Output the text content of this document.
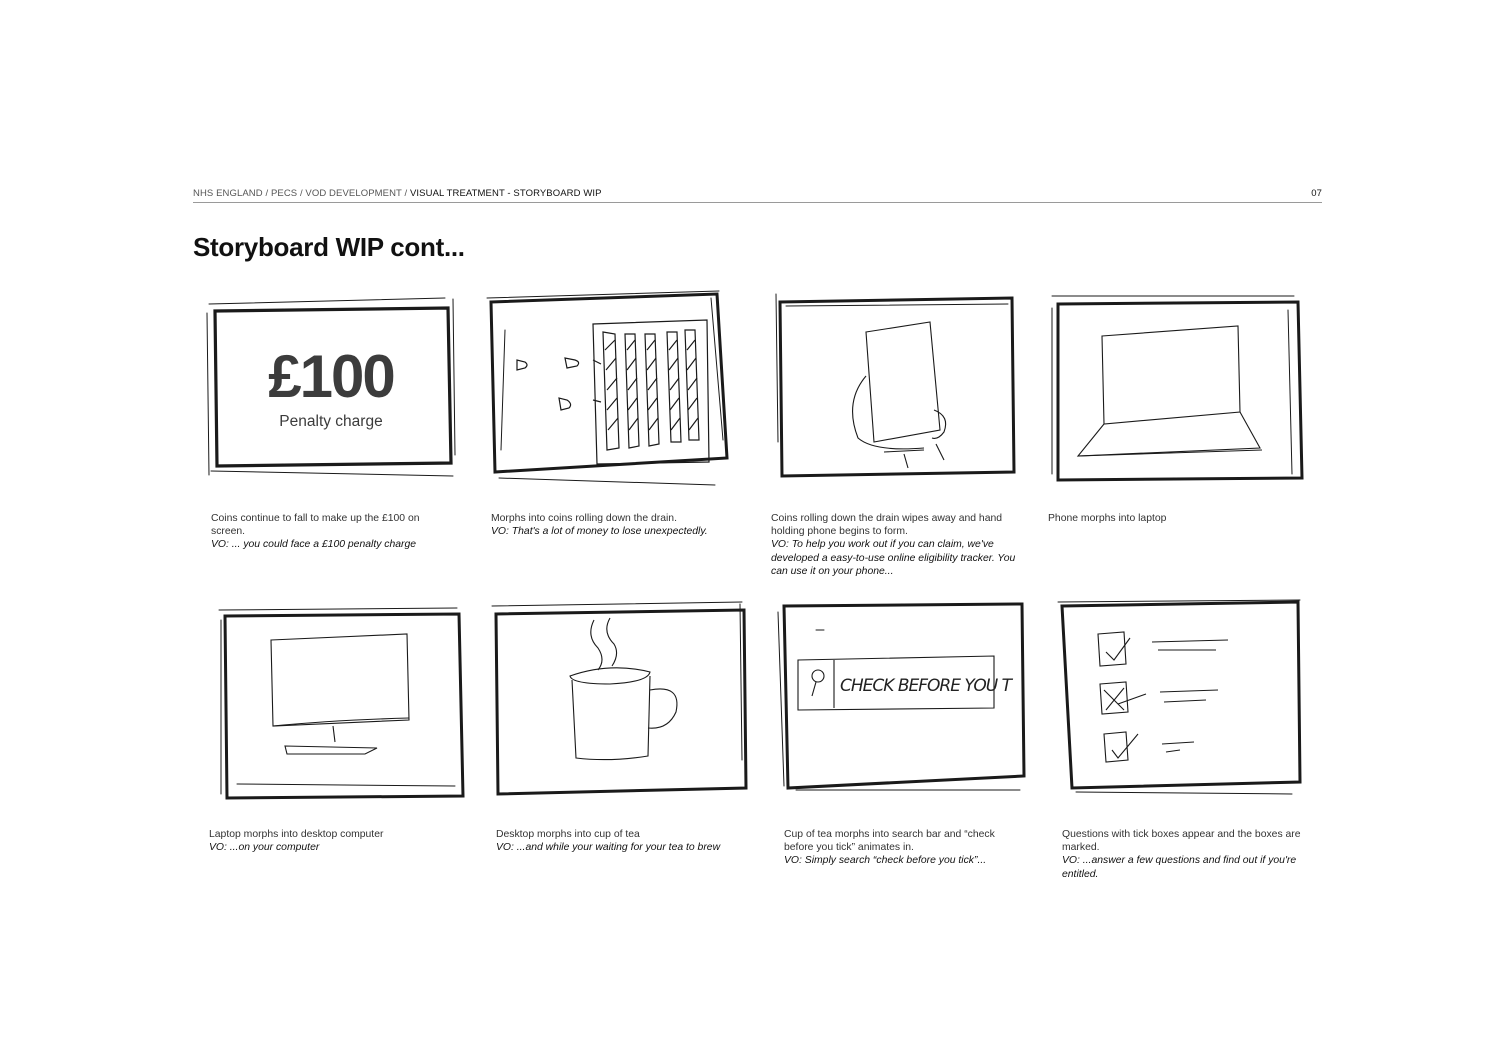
NHS ENGLAND / PECS / VOD DEVELOPMENT / VISUAL TREATMENT - STORYBOARD WIP	07
Storyboard WIP cont...
£100
Penalty charge
Coins continue to fall to make up the £100 on screen.
VO: ... you could face a £100 penalty charge
Morphs into coins rolling down the drain.
VO: That's a lot of money to lose unexpectedly.
Coins rolling down the drain wipes away and hand holding phone begins to form.
VO: To help you work out if you can claim, we've developed a easy-to-use online eligibility tracker. You can use it on your phone...
Phone morphs into laptop
Laptop morphs into desktop computer
VO: ...on your computer
Desktop morphs into cup of tea
VO: ...and while your waiting for your tea to brew
CHECK BEFORE YOU T
Cup of tea morphs into search bar and “check before you tick” animates in.
VO: Simply search “check before you tick”...
Questions with tick boxes appear and the boxes are marked.
VO: ...answer a few questions and find out if you're entitled.
